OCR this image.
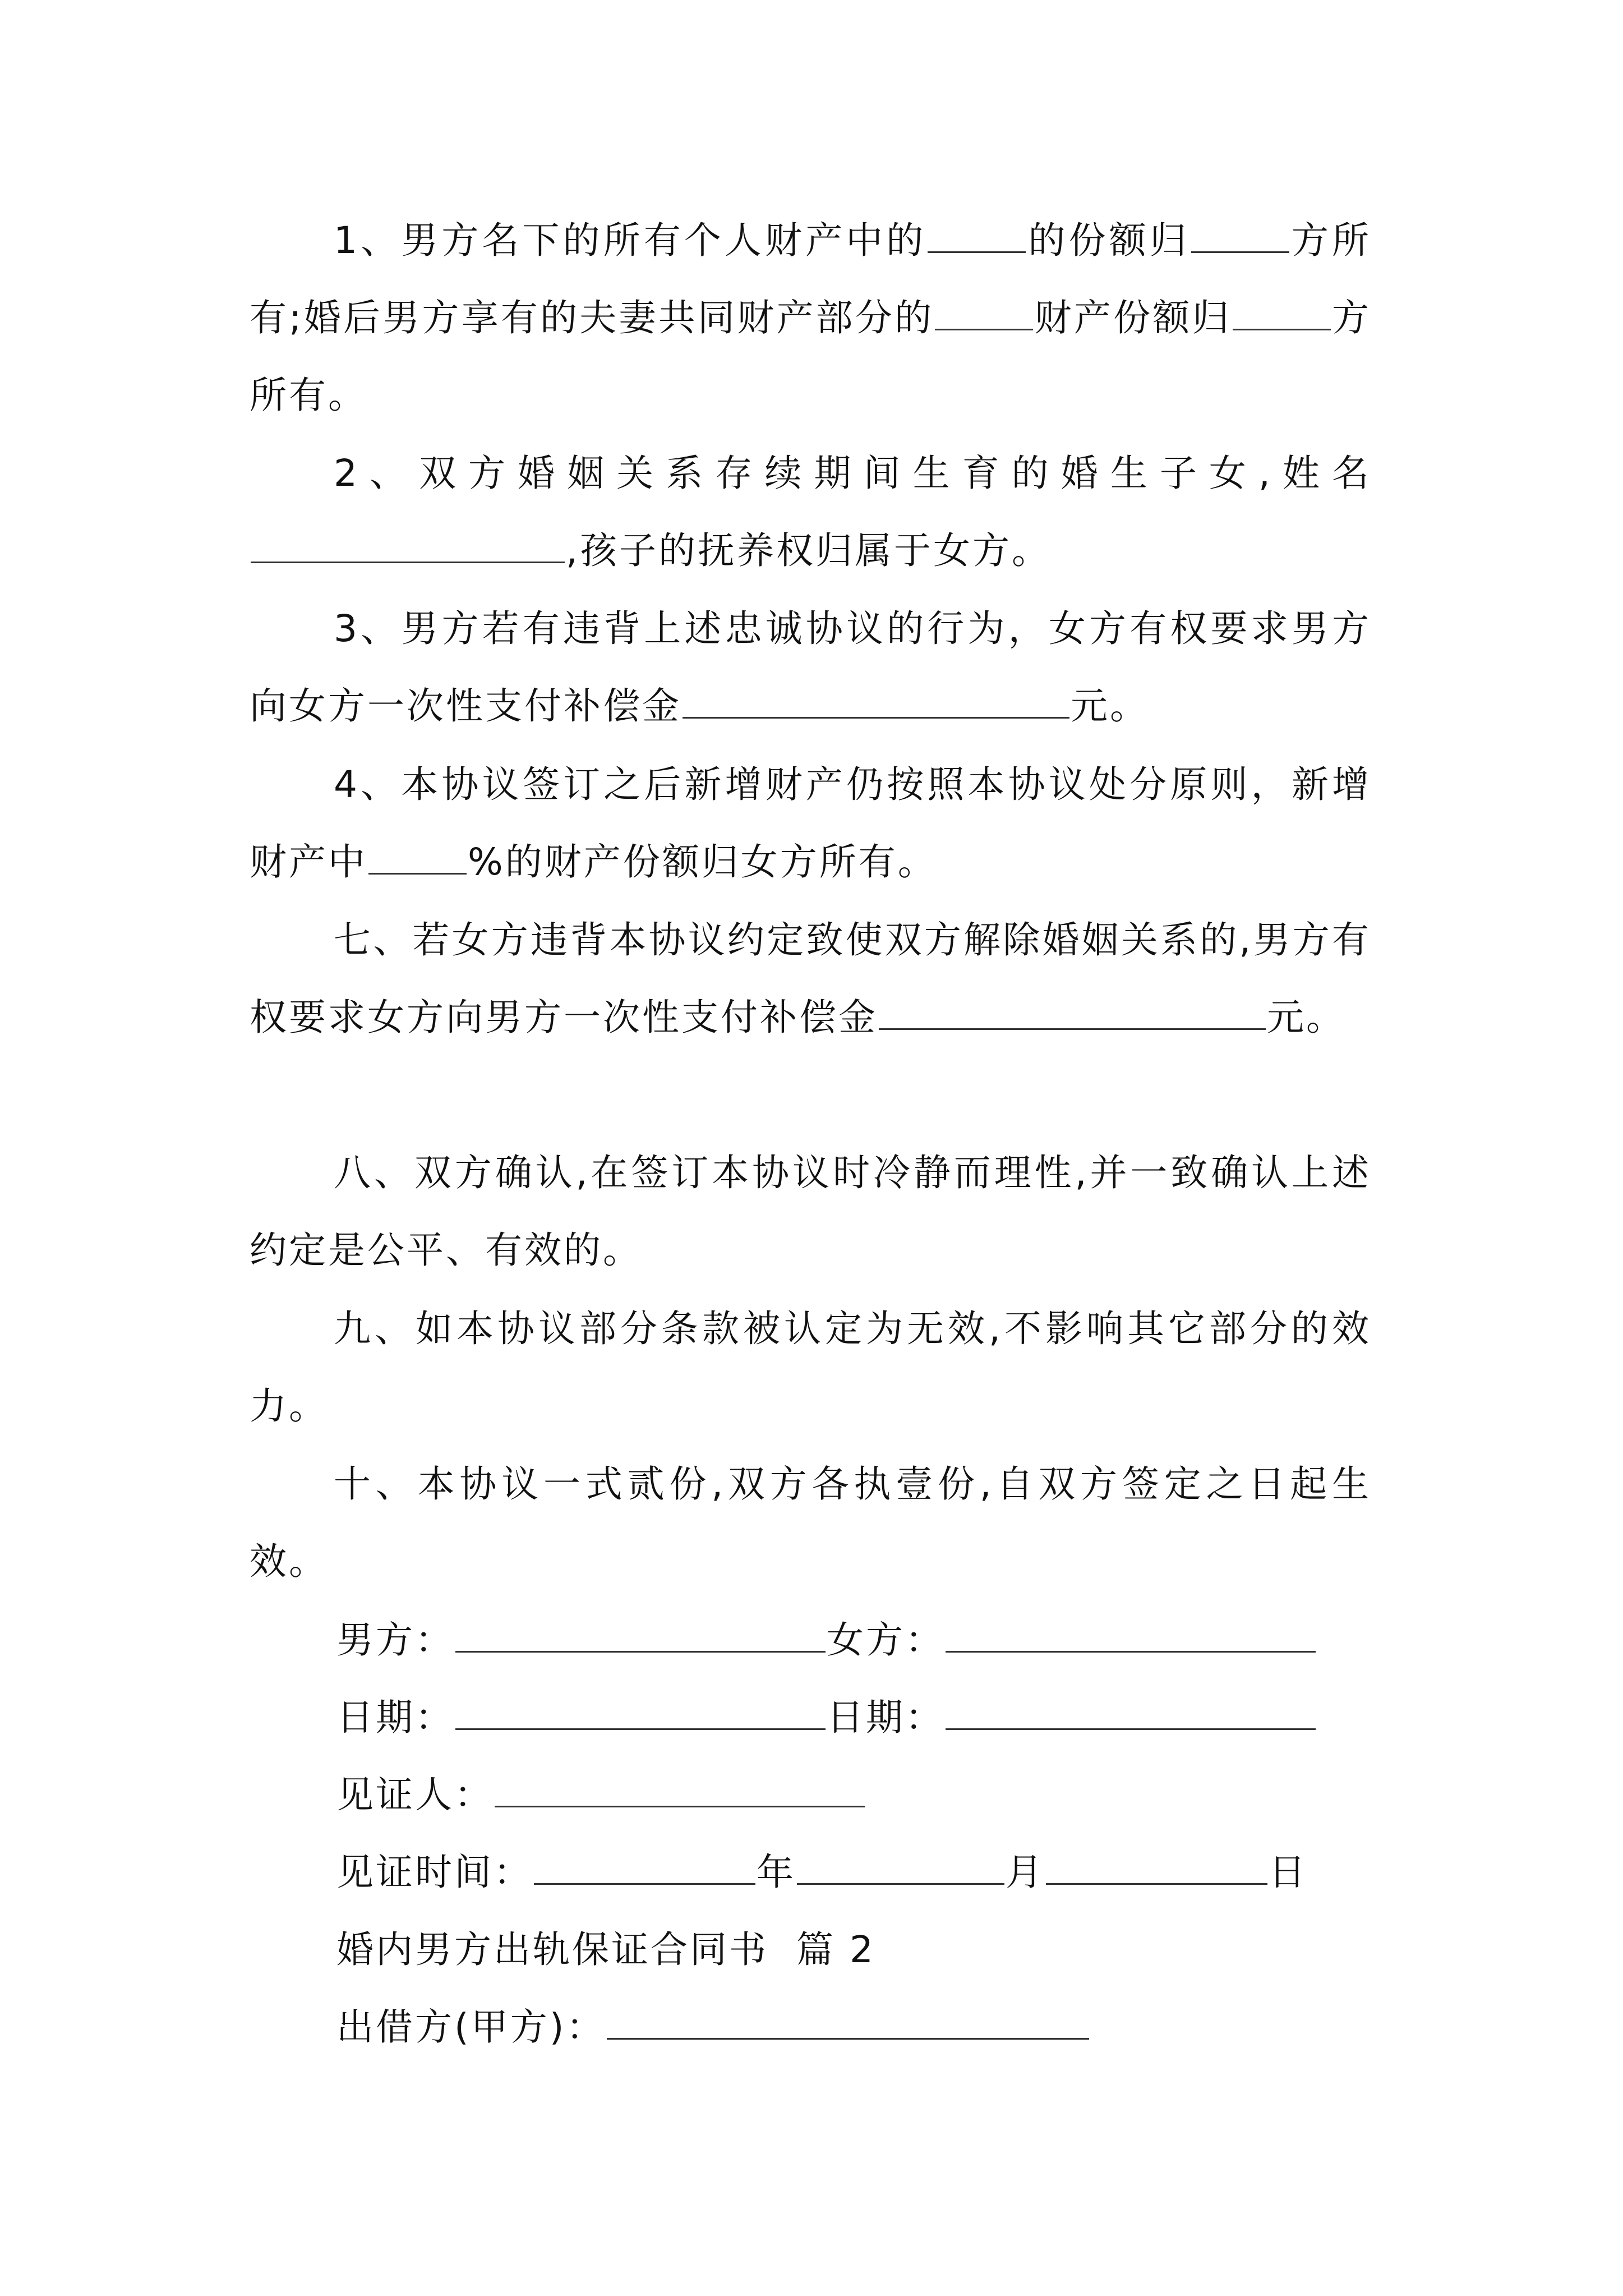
1、男方名下的所有个人财产中的	的份额归	方所有;婚后男方享有的夫妻共同财产部分的	财产份额归	方所有。

2、双方婚姻关系存续期间生育的婚生子女,姓名,孩子的抚养权归属于女方。

3、男方若有违背上述忠诚协议的行为，女方有权要求男方向女方一次性支付补偿金	元。

4、本协议签订之后新增财产仍按照本协议处分原则，新增财产中	%的财产份额归女方所有。

七、若女方违背本协议约定致使双方解除婚姻关系的,男方有权要求女方向男方一次性支付补偿金	元。

八、双方确认,在签订本协议时冷静而理性,并一致确认上述约定是公平、有效的。

九、如本协议部分条款被认定为无效,不影响其它部分的效力。

十、本协议一式贰份,双方各执壹份,自双方签定之日起生效。

男方：	女方：
日期：	日期：
见证人：
见证时间：	年	月	日
婚内男方出轨保证合同书  篇 2
出借方(甲方)：
